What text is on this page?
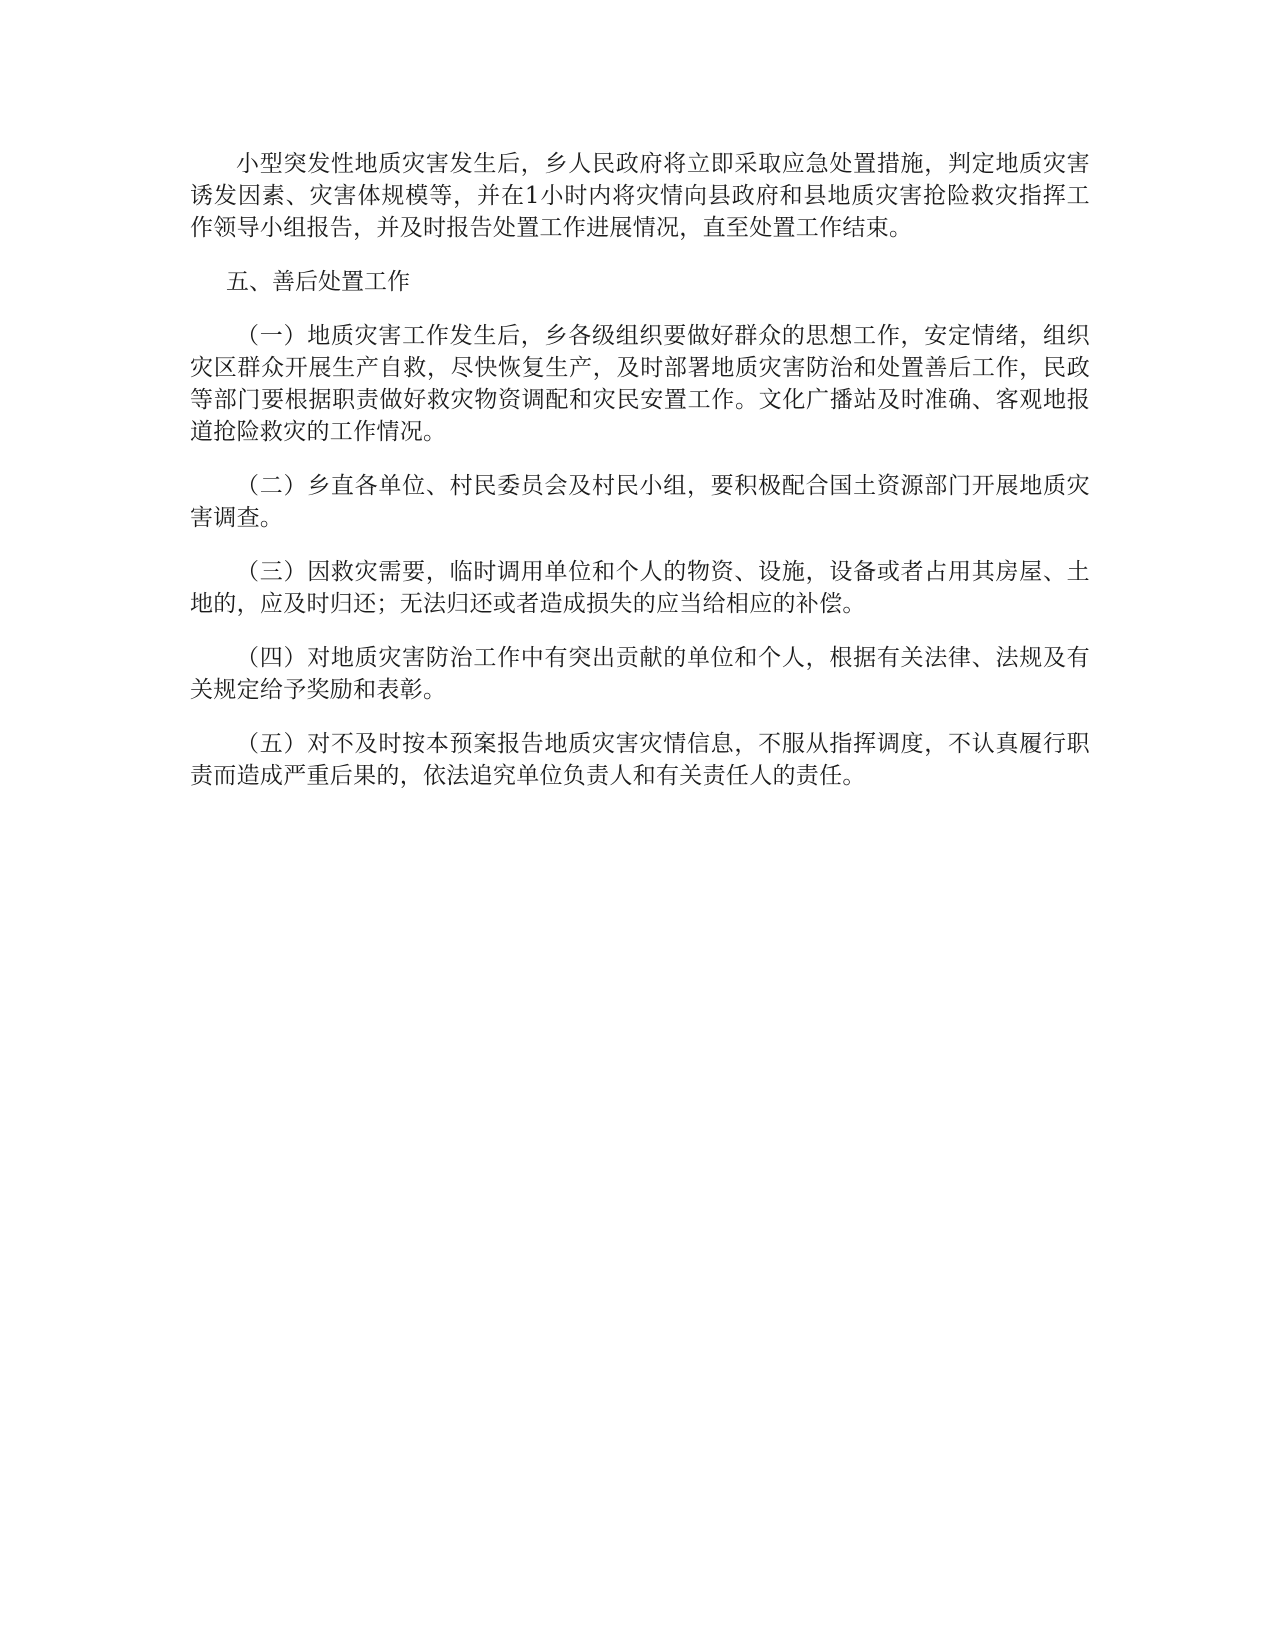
小型突发性地质灾害发生后，乡人民政府将立即采取应急处置措施，判定地质灾害诱发因素、灾害体规模等，并在1小时内将灾情向县政府和县地质灾害抢险救灾指挥工作领导小组报告，并及时报告处置工作进展情况，直至处置工作结束。

五、善后处置工作

（一）地质灾害工作发生后，乡各级组织要做好群众的思想工作，安定情绪，组织灾区群众开展生产自救，尽快恢复生产，及时部署地质灾害防治和处置善后工作，民政等部门要根据职责做好救灾物资调配和灾民安置工作。文化广播站及时准确、客观地报道抢险救灾的工作情况。

（二）乡直各单位、村民委员会及村民小组，要积极配合国土资源部门开展地质灾害调查。

（三）因救灾需要，临时调用单位和个人的物资、设施，设备或者占用其房屋、土地的，应及时归还；无法归还或者造成损失的应当给相应的补偿。

（四）对地质灾害防治工作中有突出贡献的单位和个人，根据有关法律、法规及有关规定给予奖励和表彰。

（五）对不及时按本预案报告地质灾害灾情信息，不服从指挥调度，不认真履行职责而造成严重后果的，依法追究单位负责人和有关责任人的责任。
